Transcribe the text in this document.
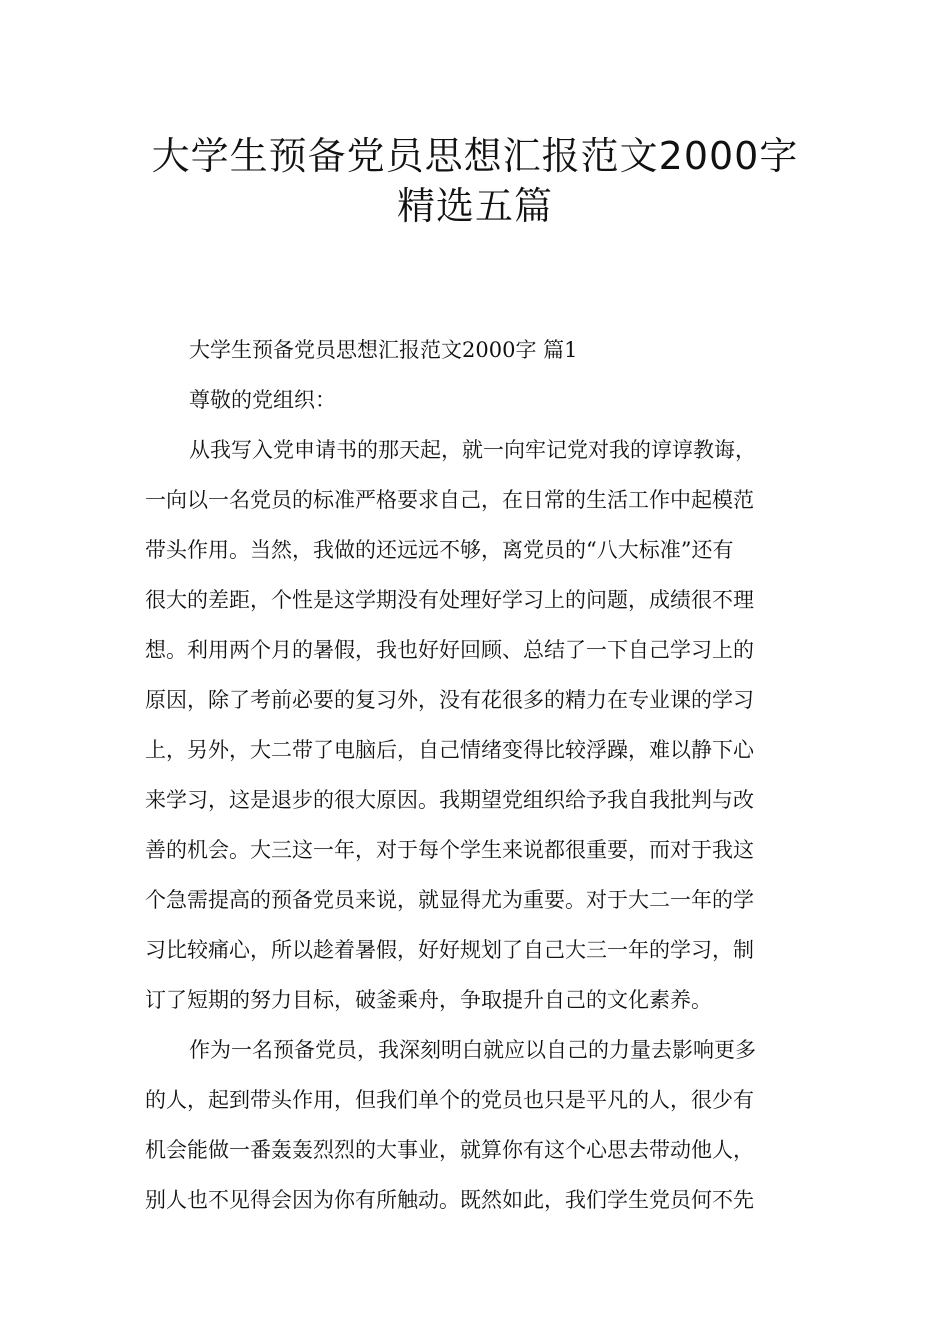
大学生预备党员思想汇报范文2000字
精选五篇
大学生预备党员思想汇报范文2000字 篇1
尊敬的党组织：
从我写入党申请书的那天起，就一向牢记党对我的谆谆教诲，
一向以一名党员的标准严格要求自己，在日常的生活工作中起模范
带头作用。当然，我做的还远远不够，离党员的“八大标准”还有
很大的差距，个性是这学期没有处理好学习上的问题，成绩很不理
想。利用两个月的暑假，我也好好回顾、总结了一下自己学习上的
原因，除了考前必要的复习外，没有花很多的精力在专业课的学习
上，另外，大二带了电脑后，自己情绪变得比较浮躁，难以静下心
来学习，这是退步的很大原因。我期望党组织给予我自我批判与改
善的机会。大三这一年，对于每个学生来说都很重要，而对于我这
个急需提高的预备党员来说，就显得尤为重要。对于大二一年的学
习比较痛心，所以趁着暑假，好好规划了自己大三一年的学习，制
订了短期的努力目标，破釜乘舟，争取提升自己的文化素养。
作为一名预备党员，我深刻明白就应以自己的力量去影响更多
的人，起到带头作用，但我们单个的党员也只是平凡的人，很少有
机会能做一番轰轰烈烈的大事业，就算你有这个心思去带动他人，
别人也不见得会因为你有所触动。既然如此，我们学生党员何不先
